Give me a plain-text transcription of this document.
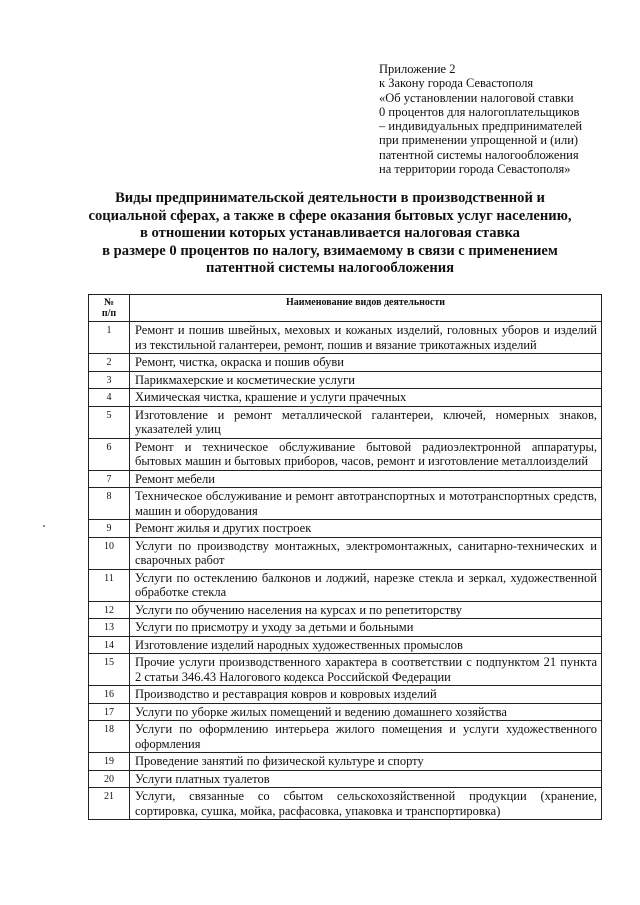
Приложение 2
к Закону города Севастополя
«Об установлении налоговой ставки
0 процентов для налогоплательщиков
– индивидуальных предпринимателей
при применении упрощенной и (или)
патентной системы налогообложения
на территории города Севастополя»
Виды предпринимательской деятельности в производственной и
социальной сферах, а также в сфере оказания бытовых услуг населению,
в отношении которых устанавливается налоговая ставка
в размере 0 процентов по налогу, взимаемому в связи с применением
патентной системы налогообложения
№
п/п	Наименование видов деятельности
1	Ремонт и пошив швейных, меховых и кожаных изделий, головных уборов и изделий из текстильной галантереи, ремонт, пошив и вязание трикотажных изделий
2	Ремонт, чистка, окраска и пошив обуви
3	Парикмахерские и косметические услуги
4	Химическая чистка, крашение и услуги прачечных
5	Изготовление и ремонт металлической галантереи, ключей, номерных знаков, указателей улиц
6	Ремонт и техническое обслуживание бытовой радиоэлектронной аппаратуры, бытовых машин и бытовых приборов, часов, ремонт и изготовление металлоизделий
7	Ремонт мебели
8	Техническое обслуживание и ремонт автотранспортных и мототранспортных средств, машин и оборудования
9	Ремонт жилья и других построек
10	Услуги по производству монтажных, электромонтажных, санитарно-технических и сварочных работ
11	Услуги по остеклению балконов и лоджий, нарезке стекла и зеркал, художественной обработке стекла
12	Услуги по обучению населения на курсах и по репетиторству
13	Услуги по присмотру и уходу за детьми и больными
14	Изготовление изделий народных художественных промыслов
15	Прочие услуги производственного характера в соответствии с подпунктом 21 пункта 2 статьи 346.43 Налогового кодекса Российской Федерации
16	Производство и реставрация ковров и ковровых изделий
17	Услуги по уборке жилых помещений и ведению домашнего хозяйства
18	Услуги по оформлению интерьера жилого помещения и услуги художественного оформления
19	Проведение занятий по физической культуре и спорту
20	Услуги платных туалетов
21	Услуги, связанные со сбытом сельскохозяйственной продукции (хранение, сортировка, сушка, мойка, расфасовка, упаковка и транспортировка)
